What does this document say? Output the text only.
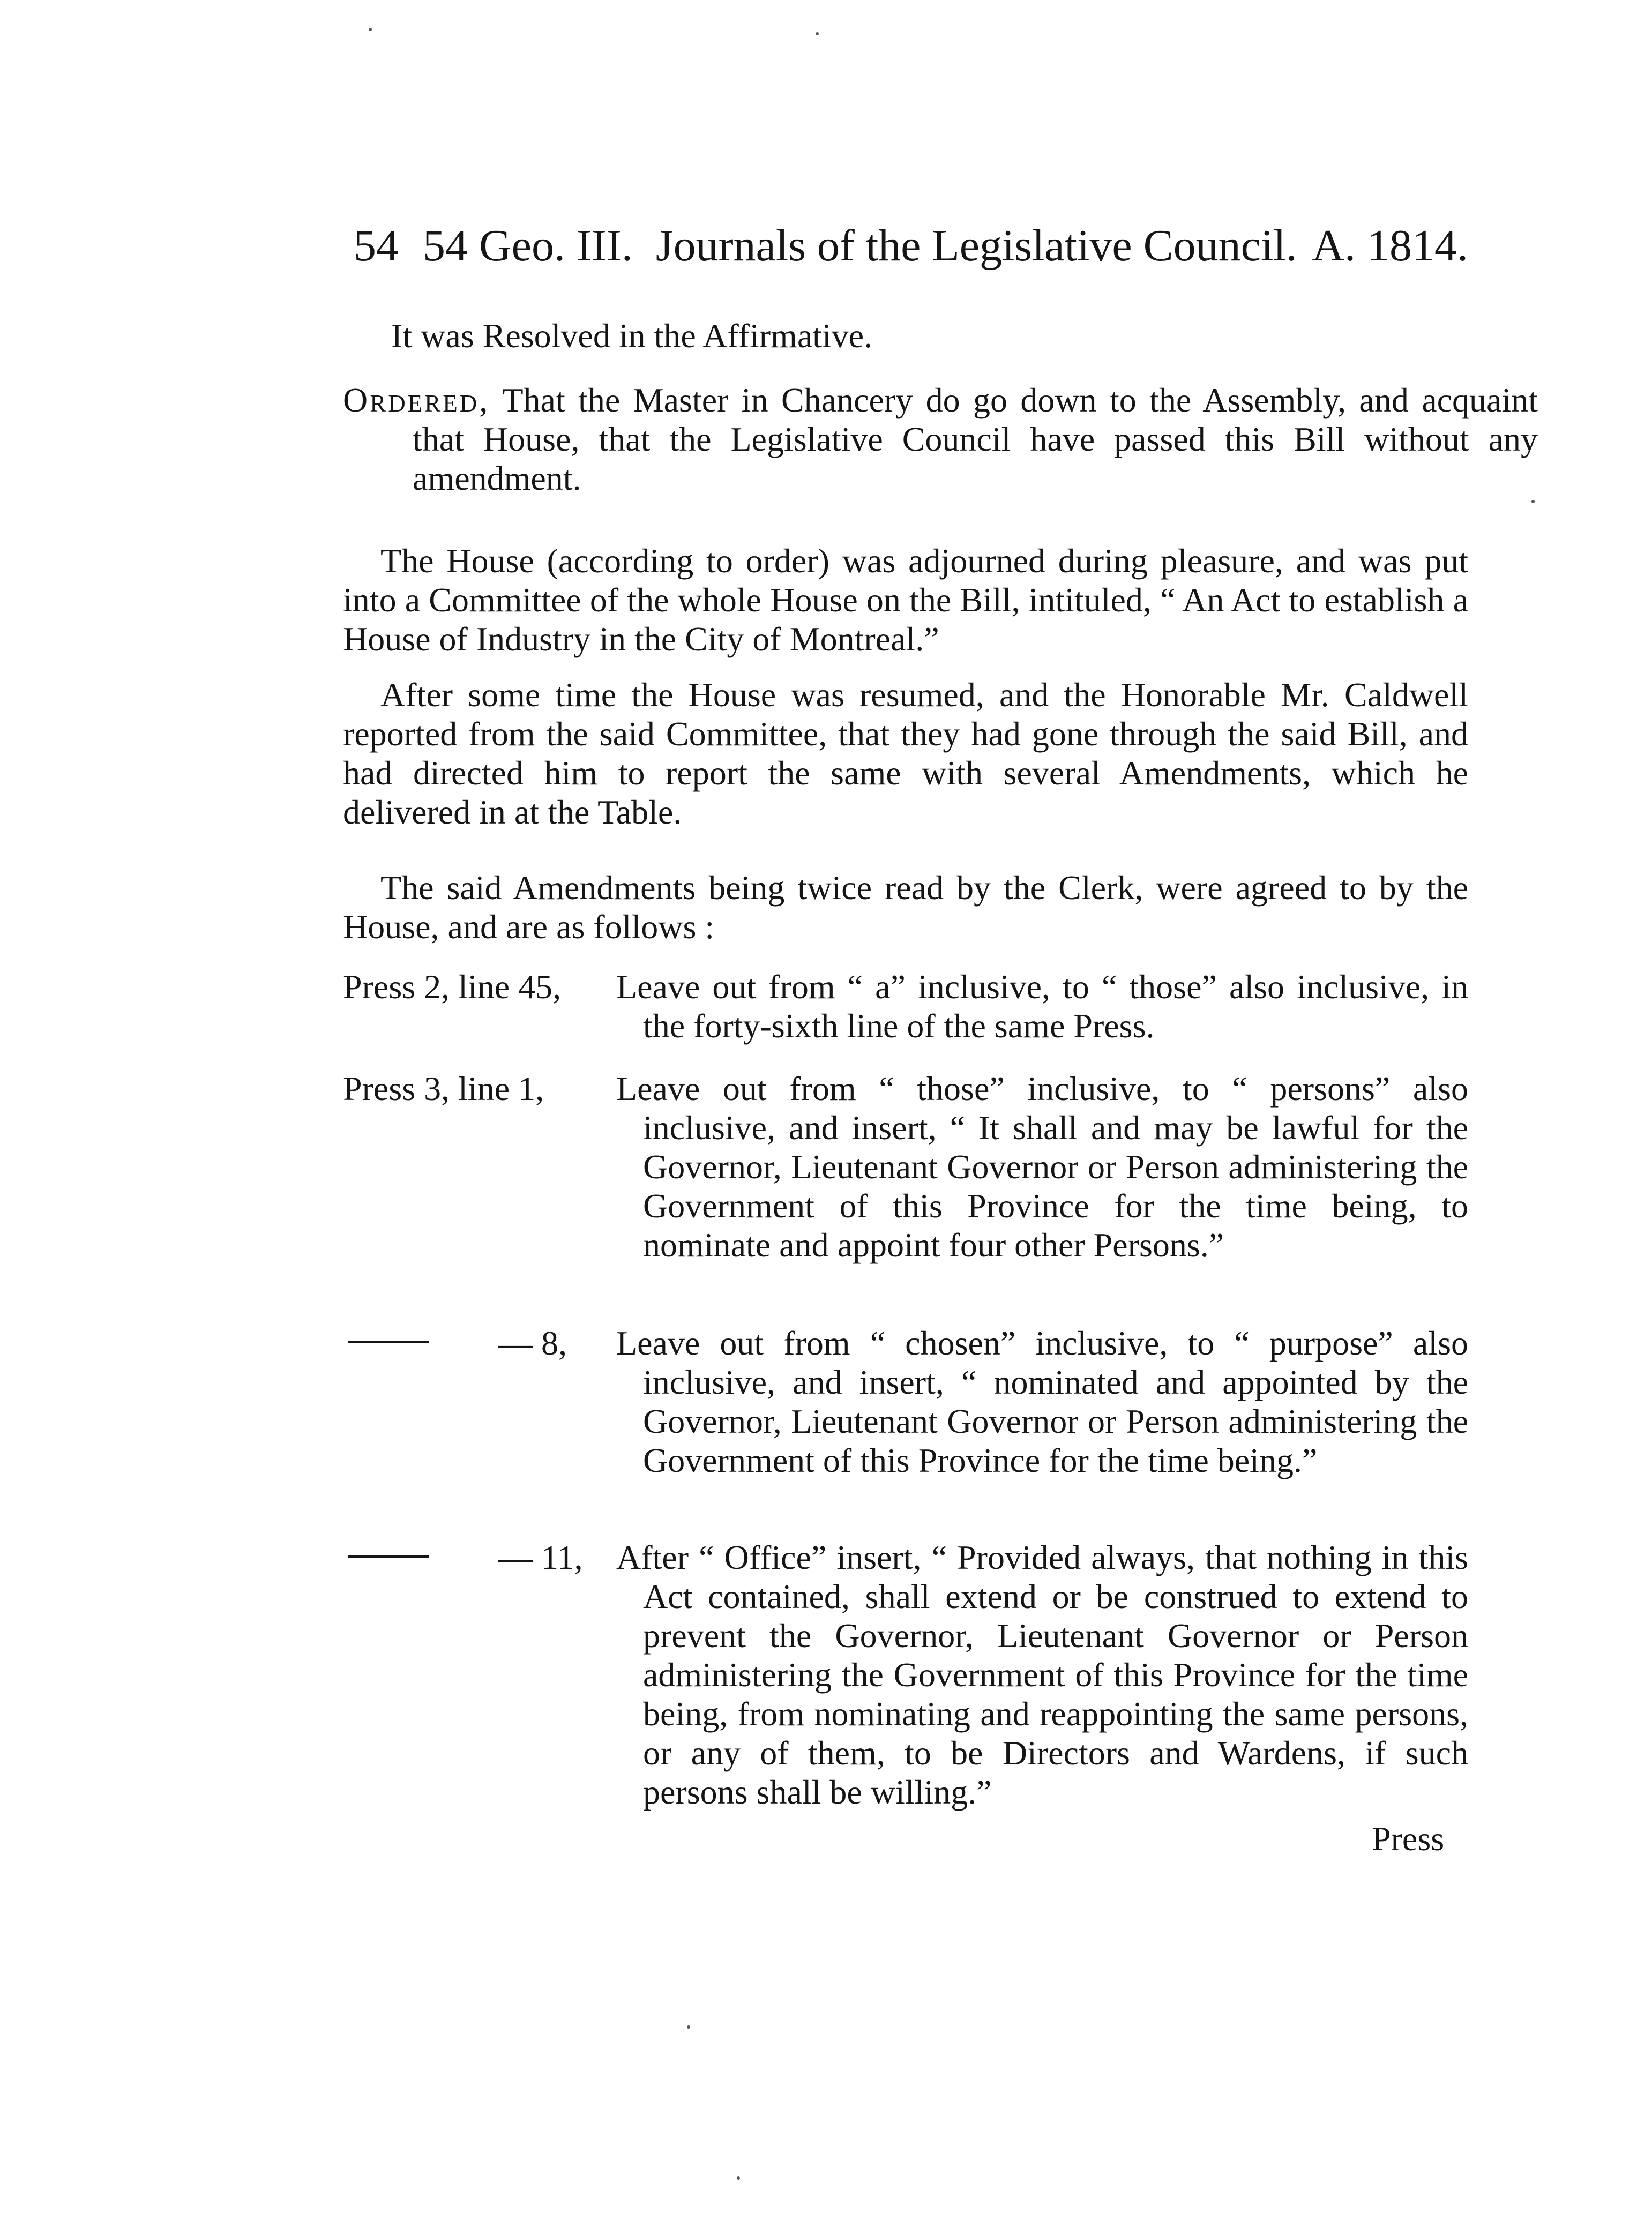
54 54 Geo. III. Journals of the Legislative Council. A. 1814.

It was Resolved in the Affirmative.

Ordered, That the Master in Chancery do go down to the Assembly, and acquaint that House, that the Legislative Council have passed this Bill without any amendment.

The House (according to order) was adjourned during pleasure, and was put into a Committee of the whole House on the Bill, intituled, “ An Act to establish a House of Industry in the City of Montreal.”

After some time the House was resumed, and the Honorable Mr. Caldwell reported from the said Committee, that they had gone through the said Bill, and had directed him to report the same with several Amendments, which he delivered in at the Table.

The said Amendments being twice read by the Clerk, were agreed to by the House, and are as follows :

Press 2, line 45,	Leave out from “ a” inclusive, to “ those” also inclusive, in the forty-sixth line of the same Press.
Press 3, line 1,	Leave out from “ those” inclusive, to “ persons” also inclusive, and insert, “ It shall and may be lawful for the Governor, Lieutenant Governor or Person administering the Government of this Province for the time being, to nominate and appoint four other Persons.”
— 8, Leave out from “ chosen” inclusive, to “ purpose” also inclusive, and insert, “ nominated and appointed by the Governor, Lieutenant Governor or Person administering the Government of this Province for the time being.”
— 11, After “ Office” insert, “ Provided always, that nothing in this Act contained, shall extend or be construed to extend to prevent the Governor, Lieutenant Governor or Person administering the Government of this Province for the time being, from nominating and reappointing the same persons, or any of them, to be Directors and Wardens, if such persons shall be willing.”
Press
